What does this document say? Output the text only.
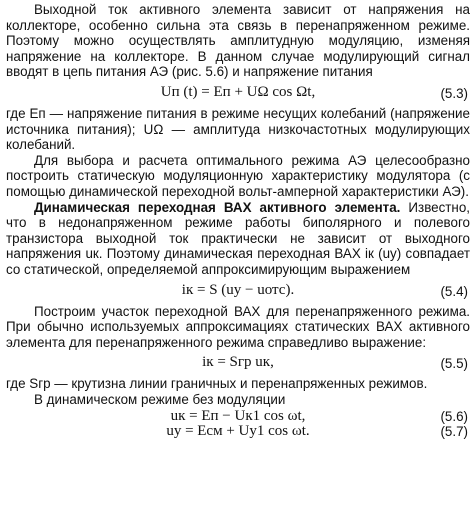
Выходной ток активного элемента зависит от напряжения на коллекторе, особенно сильна эта связь в перенапряженном режиме. Поэтому можно осуществлять амплитудную модуляцию, изменяя напряжение на коллекторе. В данном случае модулирующий сигнал вводят в цепь питания АЭ (рис. 5.6) и напряжение питания

Uп (t) = Eп + UΩ cos Ωt,	(5.3)

где Eп — напряжение питания в режиме несущих колебаний (напряжение источника питания); UΩ — амплитуда низкочастотных модулирующих колебаний.

Для выбора и расчета оптимального режима АЭ целесообразно построить статическую модуляционную характеристику модулятора (с помощью динамической переходной вольт-амперной характеристики АЭ).

Динамическая переходная ВАХ активного элемента. Известно, что в недонапряженном режиме работы биполярного и полевого транзистора выходной ток практически не зависит от выходного напряжения uк. Поэтому динамическая переходная ВАХ iк (uу) совпадает со статической, определяемой аппроксимирующим выражением

iк = S (uу − uотс).	(5.4)

Построим участок переходной ВАХ для перенапряженного режима. При обычно используемых аппроксимациях статических ВАХ активного элемента для перенапряженного режима справедливо выражение:

iк = Sгр uк,	(5.5)

где Sгр — крутизна линии граничных и перенапряженных режимов.

В динамическом режиме без модуляции

uк = Eп − Uк1 cos ωt,	(5.6)
uу = Eсм + Uу1 cos ωt.	(5.7)
